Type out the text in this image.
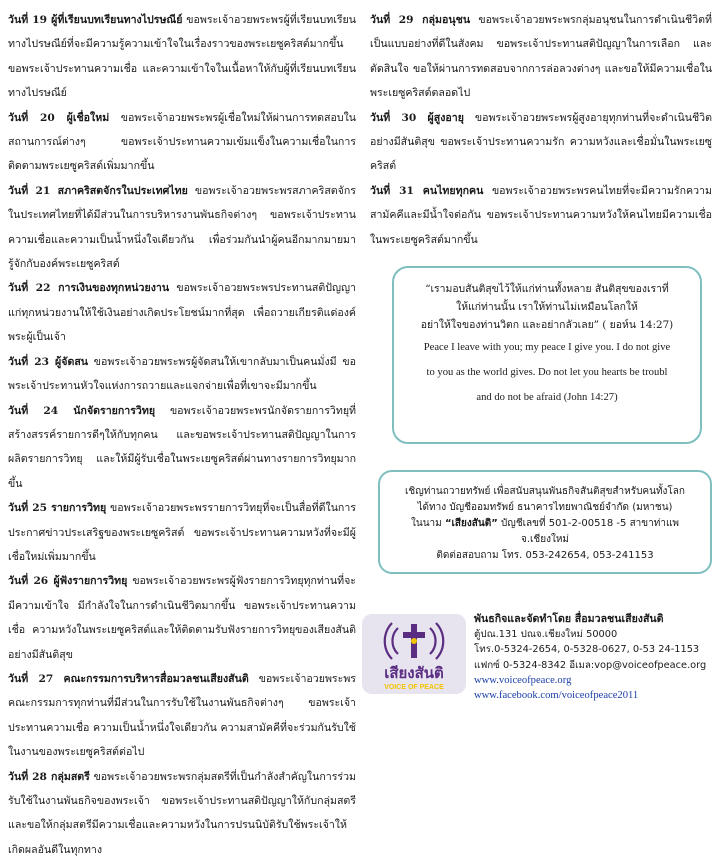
วันที่ 19 ผู้ที่เรียนบทเรียนทางไปรษณีย์ ขอพระเจ้าอวยพระพรผู้ที่เรียนบทเรียนทางไปรษณีย์ที่จะมีความรู้ความเข้าใจในเรื่องราวของพระเยซูคริสต์มากขึ้น ขอพระเจ้าประทานความเชื่อ และความเข้าใจในเนื้อหาให้กับผู้ที่เรียนบทเรียนทางไปรษณีย์

วันที่ 20 ผู้เชื่อใหม่ ขอพระเจ้าอวยพระพรผู้เชื่อใหม่ให้ผ่านการทดสอบในสถานการณ์ต่างๆ ขอพระเจ้าประทานความเข้มแข็งในความเชื่อในการติดตามพระเยซูคริสต์เพิ่มมากขึ้น

วันที่ 21 สภาคริสตจักรในประเทศไทย ขอพระเจ้าอวยพระพรสภาคริสตจักรในประเทศไทยที่ได้มีส่วนในการบริหารงานพันธกิจต่างๆ ขอพระเจ้าประทานความเชื่อและความเป็นน้ำหนึ่งใจเดียวกัน เพื่อร่วมกันนำผู้คนอีกมากมายมารู้จักกับองค์พระเยซูคริสต์

วันที่ 22 การเงินของทุกหน่วยงาน ขอพระเจ้าอวยพระพรประทานสติปัญญาแก่ทุกหน่วยงานให้ใช้เงินอย่างเกิดประโยชน์มากที่สุด เพื่อถวายเกียรติแด่องค์พระผู้เป็นเจ้า

วันที่ 23 ผู้จัดสน ขอพระเจ้าอวยพระพรผู้จัดสนให้เขากลับมาเป็นคนมั่งมี ขอพระเจ้าประทานหัวใจแห่งการถวายและแจกจ่ายเพื่อที่เขาจะมีมากขึ้น

วันที่ 24 นักจัดรายการวิทยุ ขอพระเจ้าอวยพระพรนักจัดรายการวิทยุที่สร้างสรรค์รายการดีๆให้กับทุกคน และขอพระเจ้าประทานสติปัญญาในการผลิตรายการวิทยุ และให้มีผู้รับเชื่อในพระเยซูคริสต์ผ่านทางรายการวิทยุมากขึ้น

วันที่ 25 รายการวิทยุ ขอพระเจ้าอวยพระพรรายการวิทยุที่จะเป็นสื่อที่ดีในการประกาศข่าวประเสริฐของพระเยซูคริสต์ ขอพระเจ้าประทานความหวังที่จะมีผู้เชื่อใหม่เพิ่มมากขึ้น

วันที่ 26 ผู้ฟังรายการวิทยุ ขอพระเจ้าอวยพระพรผู้ฟังรายการวิทยุทุกท่านที่จะมีความเข้าใจ มีกำลังใจในการดำเนินชีวิตมากขึ้น ขอพระเจ้าประทานความเชื่อ ความหวังในพระเยซูคริสต์และให้ติดตามรับฟังรายการวิทยุของเสียงสันติอย่างมีสันติสุข

วันที่ 27 คณะกรรมการบริหารสื่อมวลชนเสียงสันติ ขอพระเจ้าอวยพระพรคณะกรรมการทุกท่านที่มีส่วนในการรับใช้ในงานพันธกิจต่างๆ ขอพระเจ้าประทานความเชื่อ ความเป็นน้ำหนึ่งใจเดียวกัน ความสามัคคีที่จะร่วมกันรับใช้ในงานของพระเยซูคริสต์ต่อไป

วันที่ 28 กลุ่มสตรี ขอพระเจ้าอวยพระพรกลุ่มสตรีที่เป็นกำลังสำคัญในการร่วมรับใช้ในงานพันธกิจของพระเจ้า ขอพระเจ้าประทานสติปัญญาให้กับกลุ่มสตรี และขอให้กลุ่มสตรีมีความเชื่อและความหวังในการปรนนิบัติรับใช้พระเจ้าให้เกิดผลอันดีในทุกทาง

วันที่ 29 กลุ่มอนุชน ขอพระเจ้าอวยพระพรกลุ่มอนุชนในการดำเนินชีวิตที่เป็นแบบอย่างที่ดีในสังคม ขอพระเจ้าประทานสติปัญญาในการเลือก และตัดสินใจ ขอให้ผ่านการทดสอบจากการล่อลวงต่างๆ และขอให้มีความเชื่อในพระเยซูคริสต์ตลอดไป

วันที่ 30 ผู้สูงอายุ ขอพระเจ้าอวยพระพรผู้สูงอายุทุกท่านที่จะดำเนินชีวิตอย่างมีสันติสุข ขอพระเจ้าประทานความรัก ความหวังและเชื่อมั่นในพระเยซูคริสต์

วันที่ 31 คนไทยทุกคน ขอพระเจ้าอวยพระพรคนไทยที่จะมีความรักความสามัคคีและมีน้ำใจต่อกัน ขอพระเจ้าประทานความหวังให้คนไทยมีความเชื่อในพระเยซูคริสต์มากขึ้น

“เรามอบสันติสุขไว้ให้แก่ท่านทั้งหลาย สันติสุขของเราที่
ให้แก่ท่านนั้น เราให้ท่านไม่เหมือนโลกให้
อย่าให้ใจของท่านวิตก และอย่ากลัวเลย” ( ยอห์น 14:27)
Peace I leave with you; my peace I give you. I do not give
to you as the world gives. Do not let you hearts be troubl
and do not be afraid (John 14:27)
เชิญท่านถวายทรัพย์ เพื่อสนับสนุนพันธกิจสันติสุขสำหรับคนทั้งโลก
ได้ทาง บัญชีออมทรัพย์ ธนาคารไทยพาณิชย์จำกัด (มหาชน)
ในนาม “เสียงสันติ” บัญชีเลขที่ 501-2-00518 -5 สาขาท่าแพ จ.เชียงใหม่
ติดต่อสอบถาม โทร. 053-242654, 053-241153
เสียงสันติ
VOICE OF PEACE
พันธกิจและจัดทำโดย สื่อมวลชนเสียงสันติ
ตู้ปณ.131 ปณจ.เชียงใหม่ 50000
โทร.0-5324-2654, 0-5328-0627, 0-53 24-1153
แฟกซ์ 0-5324-8342 อีเมล:vop@voiceofpeace.org
www.voiceofpeace.org
www.facebook.com/voiceofpeace2011
